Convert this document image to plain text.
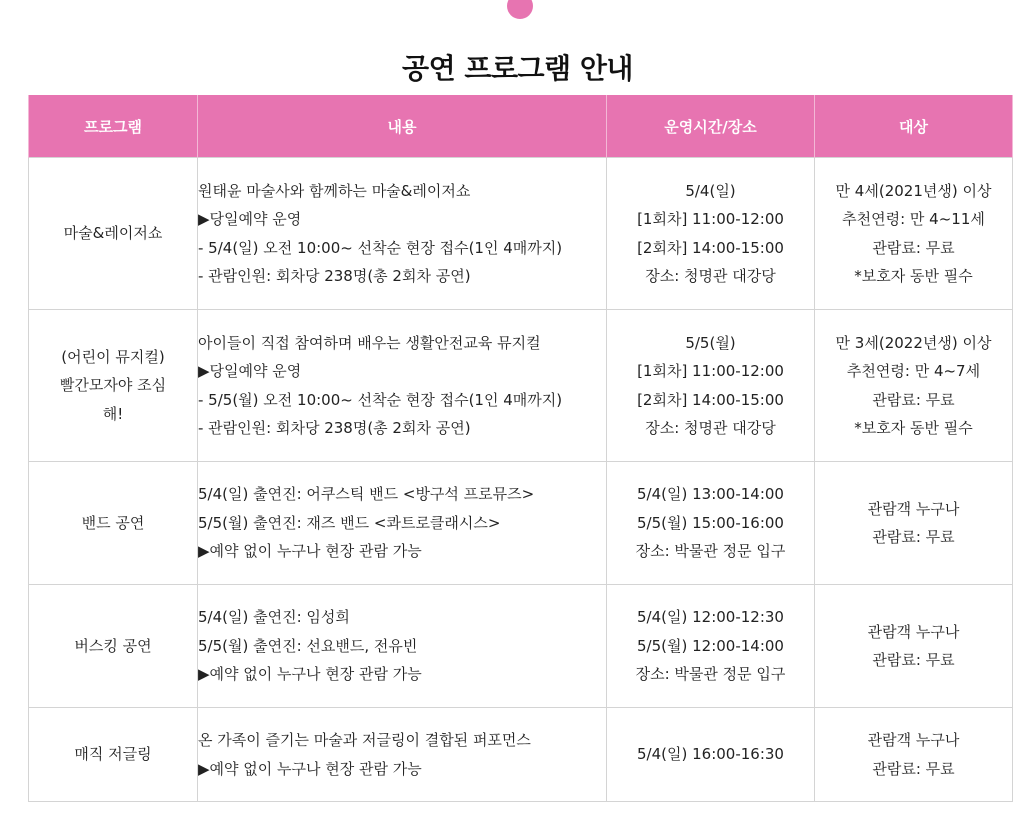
공연 프로그램 안내
프로그램	내용	운영시간/장소	대상

마술&레이저쇼	원태윤 마술사와 함께하는 마술&레이저쇼
▶당일예약 운영
- 5/4(일) 오전 10:00~ 선착순 현장 접수(1인 4매까지)
- 관람인원: 회차당 238명(총 2회차 공연)	5/4(일)
[1회차] 11:00-12:00
[2회차] 14:00-15:00
장소: 청명관 대강당	만 4세(2021년생) 이상
추천연령: 만 4~11세
관람료: 무료
*보호자 동반 필수

(어린이 뮤지컬)
빨간모자야 조심
해!	아이들이 직접 참여하며 배우는 생활안전교육 뮤지컬
▶당일예약 운영
- 5/5(월) 오전 10:00~ 선착순 현장 접수(1인 4매까지)
- 관람인원: 회차당 238명(총 2회차 공연)	5/5(월)
[1회차] 11:00-12:00
[2회차] 14:00-15:00
장소: 청명관 대강당	만 3세(2022년생) 이상
추천연령: 만 4~7세
관람료: 무료
*보호자 동반 필수

밴드 공연	5/4(일) 출연진: 어쿠스틱 밴드 <방구석 프로뮤즈>
5/5(월) 출연진: 재즈 밴드 <콰트로클래시스>
▶예약 없이 누구나 현장 관람 가능	5/4(일) 13:00-14:00
5/5(월) 15:00-16:00
장소: 박물관 정문 입구	관람객 누구나
관람료: 무료

버스킹 공연	5/4(일) 출연진: 임성희
5/5(월) 출연진: 선요밴드, 전유빈
▶예약 없이 누구나 현장 관람 가능	5/4(일) 12:00-12:30
5/5(월) 12:00-14:00
장소: 박물관 정문 입구	관람객 누구나
관람료: 무료

매직 저글링	온 가족이 즐기는 마술과 저글링이 결합된 퍼포먼스
▶예약 없이 누구나 현장 관람 가능	5/4(일) 16:00-16:30	관람객 누구나
관람료: 무료
